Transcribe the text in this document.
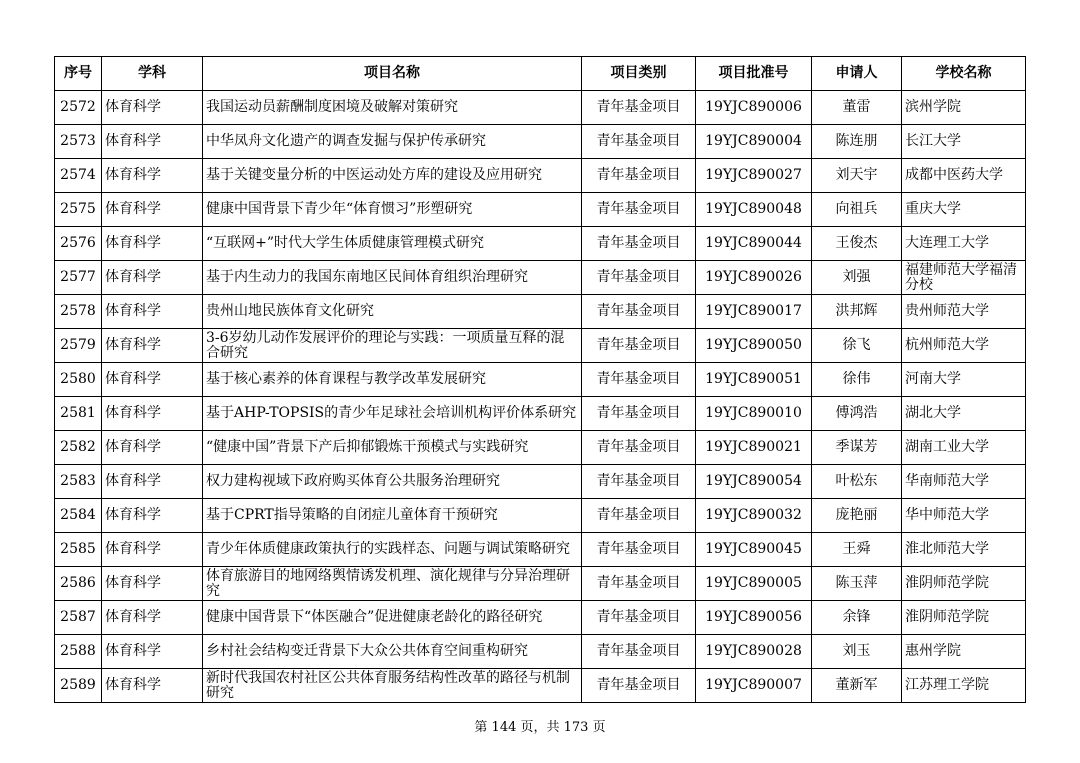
序号	学科	项目名称	项目类别	项目批准号	申请人	学校名称
2572	体育科学	我国运动员薪酬制度困境及破解对策研究	青年基金项目	19YJC890006	董雷	滨州学院
2573	体育科学	中华凤舟文化遗产的调查发掘与保护传承研究	青年基金项目	19YJC890004	陈连朋	长江大学
2574	体育科学	基于关键变量分析的中医运动处方库的建设及应用研究	青年基金项目	19YJC890027	刘天宇	成都中医药大学
2575	体育科学	健康中国背景下青少年“体育惯习”形塑研究	青年基金项目	19YJC890048	向祖兵	重庆大学
2576	体育科学	“互联网+”时代大学生体质健康管理模式研究	青年基金项目	19YJC890044	王俊杰	大连理工大学
2577	体育科学	基于内生动力的我国东南地区民间体育组织治理研究	青年基金项目	19YJC890026	刘强	福建师范大学福清分校
2578	体育科学	贵州山地民族体育文化研究	青年基金项目	19YJC890017	洪邦辉	贵州师范大学
2579	体育科学	3-6岁幼儿动作发展评价的理论与实践：一项质量互释的混合研究	青年基金项目	19YJC890050	徐飞	杭州师范大学
2580	体育科学	基于核心素养的体育课程与教学改革发展研究	青年基金项目	19YJC890051	徐伟	河南大学
2581	体育科学	基于AHP-TOPSIS的青少年足球社会培训机构评价体系研究	青年基金项目	19YJC890010	傅鸿浩	湖北大学
2582	体育科学	“健康中国”背景下产后抑郁锻炼干预模式与实践研究	青年基金项目	19YJC890021	季谋芳	湖南工业大学
2583	体育科学	权力建构视域下政府购买体育公共服务治理研究	青年基金项目	19YJC890054	叶松东	华南师范大学
2584	体育科学	基于CPRT指导策略的自闭症儿童体育干预研究	青年基金项目	19YJC890032	庞艳丽	华中师范大学
2585	体育科学	青少年体质健康政策执行的实践样态、问题与调试策略研究	青年基金项目	19YJC890045	王舜	淮北师范大学
2586	体育科学	体育旅游目的地网络舆情诱发机理、演化规律与分异治理研究	青年基金项目	19YJC890005	陈玉萍	淮阴师范学院
2587	体育科学	健康中国背景下“体医融合”促进健康老龄化的路径研究	青年基金项目	19YJC890056	余锋	淮阴师范学院
2588	体育科学	乡村社会结构变迁背景下大众公共体育空间重构研究	青年基金项目	19YJC890028	刘玉	惠州学院
2589	体育科学	新时代我国农村社区公共体育服务结构性改革的路径与机制研究	青年基金项目	19YJC890007	董新军	江苏理工学院
第 144 页，共 173 页
